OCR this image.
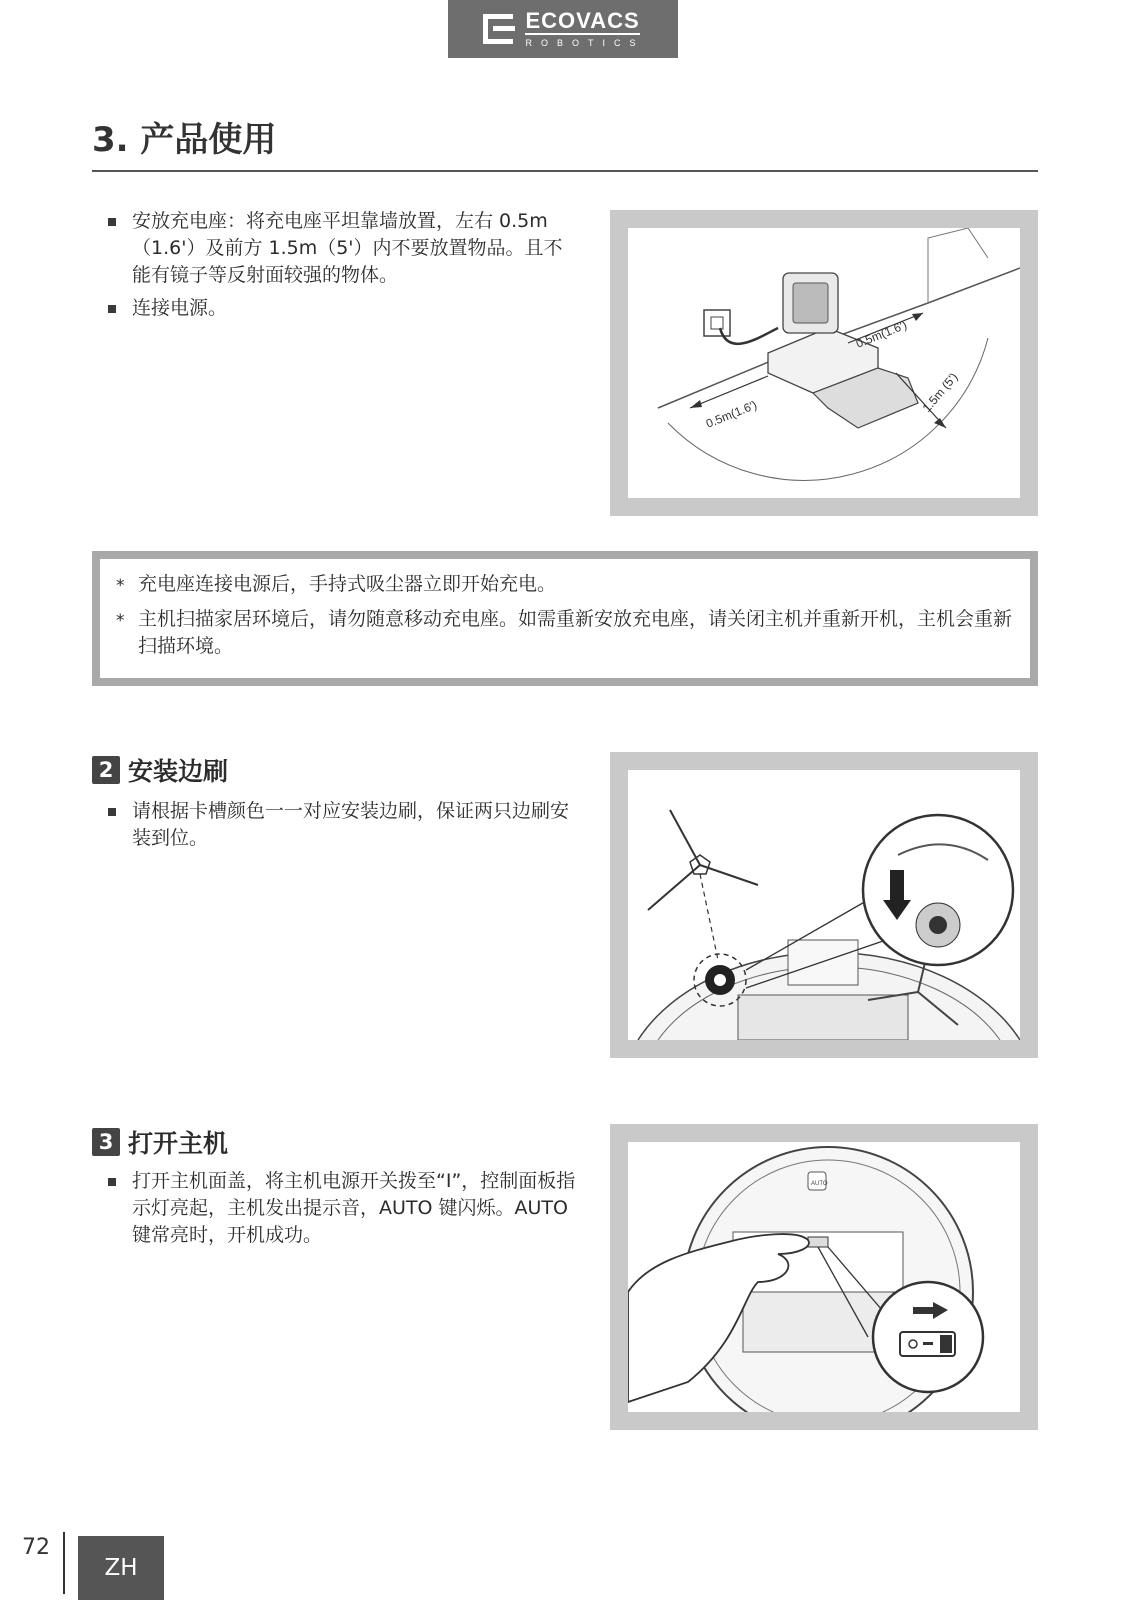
ECOVACS
ROBOTICS
3. 产品使用
安放充电座：将充电座平坦靠墙放置，左右 0.5m（1.6'）及前方 1.5m（5'）内不要放置物品。且不能有镜子等反射面较强的物体。
连接电源。
0.5m(1.6')
0.5m(1.6')
1.5m (5')
* 充电座连接电源后，手持式吸尘器立即开始充电。
* 主机扫描家居环境后，请勿随意移动充电座。如需重新安放充电座，请关闭主机并重新开机，主机会重新扫描环境。
2 安装边刷
请根据卡槽颜色一一对应安装边刷，保证两只边刷安装到位。
3 打开主机
打开主机面盖，将主机电源开关拨至“I”，控制面板指示灯亮起，主机发出提示音，AUTO 键闪烁。AUTO 键常亮时，开机成功。
AUTO
72
ZH
